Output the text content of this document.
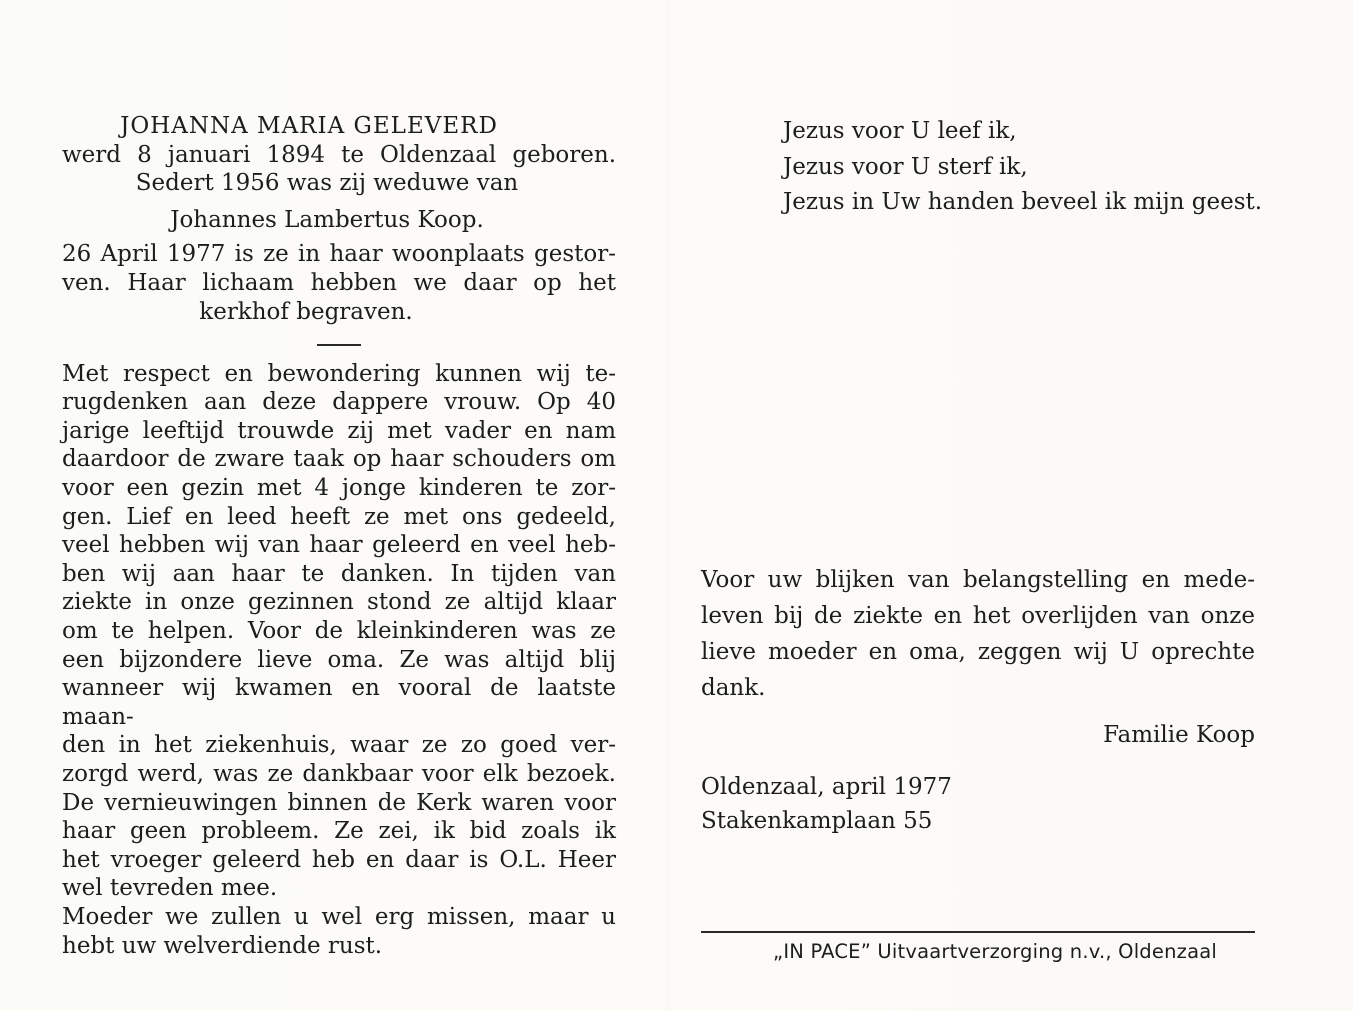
JOHANNA MARIA GELEVERD
werd 8 januari 1894 te Oldenzaal geboren.
Sedert 1956 was zij weduwe van
Johannes Lambertus Koop.
26 April 1977 is ze in haar woonplaats gestor-
ven. Haar lichaam hebben we daar op het
kerkhof begraven.
Met respect en bewondering kunnen wij te-
rugdenken aan deze dappere vrouw. Op 40
jarige leeftijd trouwde zij met vader en nam
daardoor de zware taak op haar schouders om
voor een gezin met 4 jonge kinderen te zor-
gen. Lief en leed heeft ze met ons gedeeld,
veel hebben wij van haar geleerd en veel heb-
ben wij aan haar te danken. In tijden van
ziekte in onze gezinnen stond ze altijd klaar
om te helpen. Voor de kleinkinderen was ze
een bijzondere lieve oma. Ze was altijd blij
wanneer wij kwamen en vooral de laatste maan-
den in het ziekenhuis, waar ze zo goed ver-
zorgd werd, was ze dankbaar voor elk bezoek.
De vernieuwingen binnen de Kerk waren voor
haar geen probleem. Ze zei, ik bid zoals ik
het vroeger geleerd heb en daar is O.L. Heer
wel tevreden mee.
Moeder we zullen u wel erg missen, maar u
hebt uw welverdiende rust.
Jezus voor U leef ik,
Jezus voor U sterf ik,
Jezus in Uw handen beveel ik mijn geest.
Voor uw blijken van belangstelling en mede-
leven bij de ziekte en het overlijden van onze
lieve moeder en oma, zeggen wij U oprechte
dank.
Familie Koop
Oldenzaal, april 1977
Stakenkamplaan 55
„IN PACE” Uitvaartverzorging n.v., Oldenzaal
